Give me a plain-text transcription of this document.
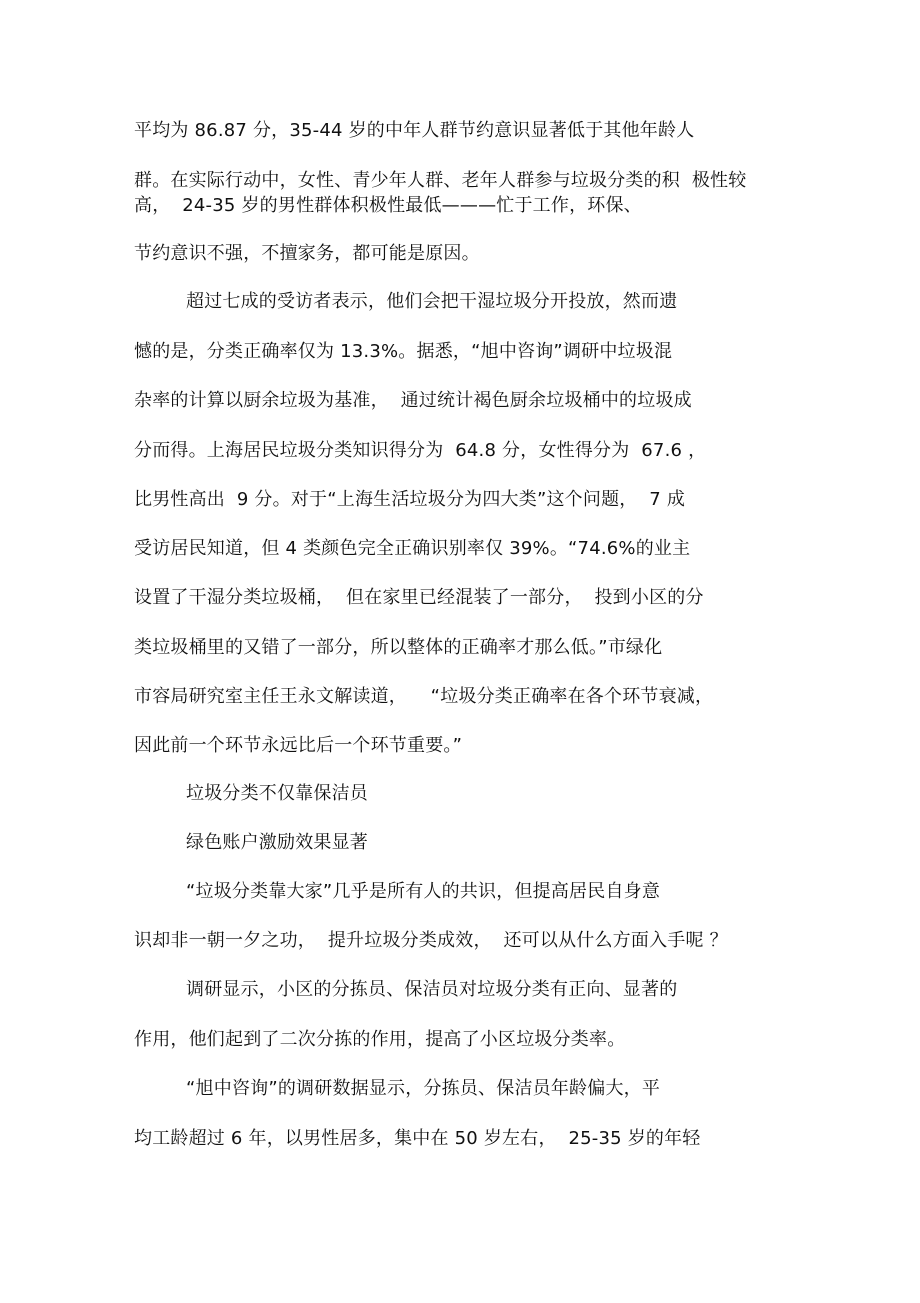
平均为 86.87 分，35-44 岁的中年人群节约意识显著低于其他年龄人
群。在实际行动中，女性、青少年人群、老年人群参与垃圾分类的积  极性较
高，  24-35 岁的男性群体积极性最低———忙于工作，环保、
节约意识不强，不擅家务，都可能是原因。
超过七成的受访者表示，他们会把干湿垃圾分开投放，然而遗
憾的是，分类正确率仅为 13.3%。据悉，“旭中咨询”调研中垃圾混
杂率的计算以厨余垃圾为基准，  通过统计褐色厨余垃圾桶中的垃圾成
分而得。上海居民垃圾分类知识得分为  64.8 分，女性得分为  67.6 ，
比男性高出  9 分。对于“上海生活垃圾分为四大类”这个问题，  7 成
受访居民知道，但 4 类颜色完全正确识别率仅 39%。“74.6%的业主
设置了干湿分类垃圾桶，  但在家里已经混装了一部分，  投到小区的分
类垃圾桶里的又错了一部分，所以整体的正确率才那么低。”市绿化
市容局研究室主任王永文解读道，    “垃圾分类正确率在各个环节衰减，
因此前一个环节永远比后一个环节重要。”
垃圾分类不仅靠保洁员
绿色账户激励效果显著
“垃圾分类靠大家”几乎是所有人的共识，但提高居民自身意
识却非一朝一夕之功，  提升垃圾分类成效，  还可以从什么方面入手呢 ？
调研显示，小区的分拣员、保洁员对垃圾分类有正向、显著的
作用，他们起到了二次分拣的作用，提高了小区垃圾分类率。
“旭中咨询”的调研数据显示，分拣员、保洁员年龄偏大，平
均工龄超过 6 年，以男性居多，集中在 50 岁左右，  25-35 岁的年轻
